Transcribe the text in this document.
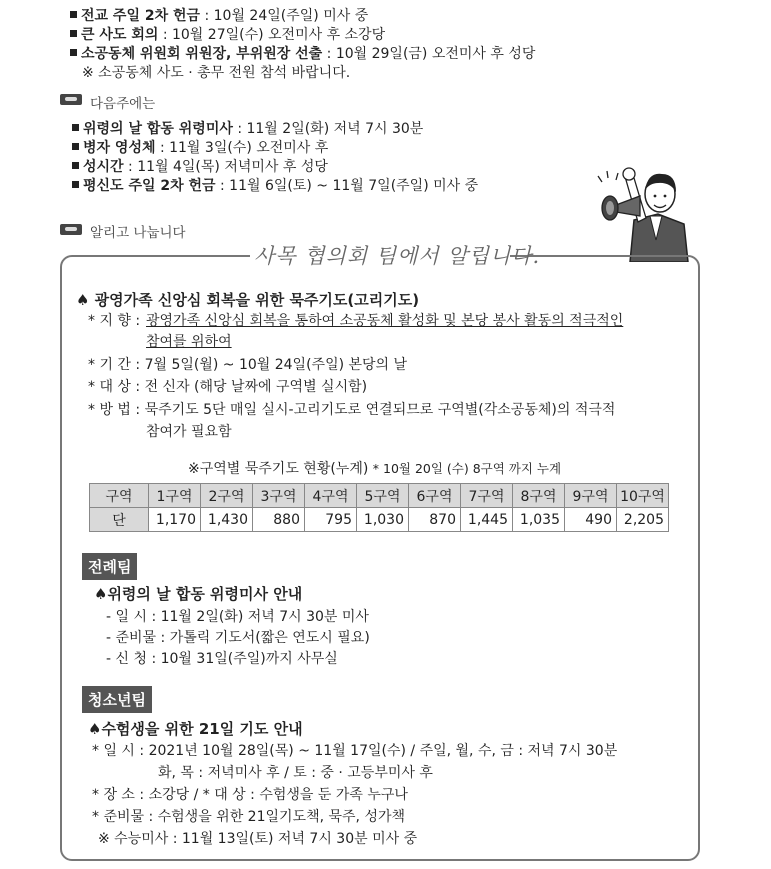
전교 주일 2차 헌금 : 10월 24일(주일) 미사 중
큰 사도 회의 : 10월 27일(수) 오전미사 후 소강당
소공동체 위원회 위원장, 부위원장 선출 : 10월 29일(금) 오전미사 후 성당
※ 소공동체 사도 · 총무 전원 참석 바랍니다.
다음주에는
위령의 날 합동 위령미사 : 11월 2일(화) 저녁 7시 30분
병자 영성체 : 11월 3일(수) 오전미사 후
성시간 : 11월 4일(목) 저녁미사 후 성당
평신도 주일 2차 헌금 : 11월 6일(토) ~ 11월 7일(주일) 미사 중
알리고 나눕니다
사목 협의회 팀에서 알립니다.
♠ 광영가족 신앙심 회복을 위한 묵주기도(고리기도)
* 지 향 : 광영가족 신앙심 회복을 통하여 소공동체 활성화 및 본당 봉사 활동의 적극적인
참여를 위하여
* 기 간 : 7월 5일(월) ~ 10월 24일(주일) 본당의 날
* 대 상 : 전 신자 (해당 날짜에 구역별 실시함)
* 방 법 : 묵주기도 5단 매일 실시-고리기도로 연결되므로 구역별(각소공동체)의 적극적
참여가 필요함
※구역별 묵주기도 현황(누계) * 10월 20일 (수) 8구역 까지 누계
구역	1구역	2구역	3구역	4구역	5구역	6구역	7구역	8구역	9구역	10구역
단	1,170	1,430	880	795	1,030	870	1,445	1,035	490	2,205
전례팀
♠위령의 날 합동 위령미사 안내
- 일 시 : 11월 2일(화) 저녁 7시 30분 미사
- 준비물 : 가톨릭 기도서(짧은 연도시 필요)
- 신 청 : 10월 31일(주일)까지 사무실
청소년팀
♠수험생을 위한 21일 기도 안내
* 일 시 : 2021년 10월 28일(목) ~ 11월 17일(수) / 주일, 월, 수, 금 : 저녁 7시 30분
화, 목 : 저녁미사 후 / 토 : 중 · 고등부미사 후
* 장 소 : 소강당 / * 대 상 : 수험생을 둔 가족 누구나
* 준비물 : 수험생을 위한 21일기도책, 묵주, 성가책
※ 수능미사 : 11월 13일(토) 저녁 7시 30분 미사 중
